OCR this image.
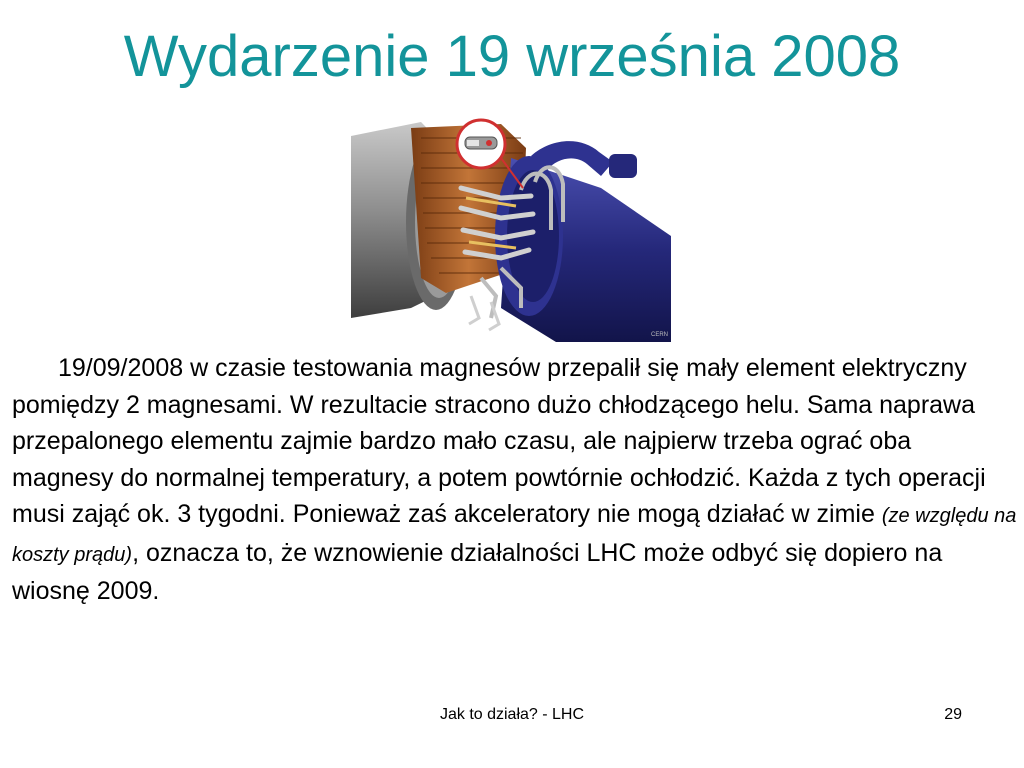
Wydarzenie 19 września 2008
CERN

19/09/2008 w czasie testowania magnesów przepalił się mały element elektryczny pomiędzy 2 magnesami. W rezultacie stracono dużo chłodzącego helu. Sama naprawa przepalonego elementu zajmie bardzo mało czasu, ale najpierw trzeba ograć oba magnesy do normalnej temperatury, a potem powtórnie ochłodzić. Każda z tych operacji musi zająć ok. 3 tygodni. Ponieważ zaś akceleratory nie mogą działać w zimie (ze względu na koszty prądu), oznacza to, że wznowienie działalności LHC może odbyć się dopiero na wiosnę 2009.

Jak to działa? - LHC	29
